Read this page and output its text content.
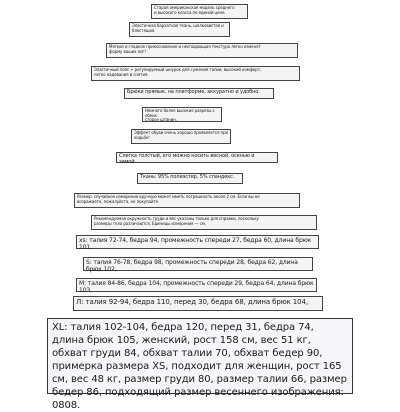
Старая американская модель среднего
и высокого класса по единой цене.
Эластичная бархатная ткань, шелковистая и
блестящая.
Мягкое и гладкое прикосновение и неспадающая текстура легко изменят
форму ваших ног!
Эластичный пояс + регулируемый шнурок для сужения талии, высокий комфорт,
легко надевания и снятия.
Брюки прямые, на платформе, аккуратно и удобно.
Немного более высокие разрезы с обеих
сторон штанин.
Эффект обуви очень хорошо проявляется при
ходьбе!
Слегка толстый, его можно носить весной, осенью и зимой....
Ткань: 95% полиэстер, 5% спандекс.
Размер: случайное измерение вручную может иметь погрешность около 2 см. Если вы не
возражаете, пожалуйста, не покупайте
Рекомендуемая окружность груди и вес указаны только для справки, поскольку
размеры тела различаются. Единицы измерения — см.
xs: талия 72-74, бедра 94, промежность спереди 27, бедра 60, длина брюк 101,
S: талия 76-78, бедра 98, промежность спереди 28, бедра 62, длина брюк 102,
М: талия 84-86, бедра 104, промежность спереди 29, бедра 64, длина брюк 103,
Л: талия 92-94, бедра 110, перед 30, бедра 68, длина брюк 104,
XL: талия 102-104, бедра 120, перед 31, бедра 74, длина брюк 105, женский, рост 158 см, вес 51 кг, обхват груди 84, обхват талии 70, обхват бедер 90, примерка размера XS, подходит для женщин, рост 165 см, вес 48 кг, размер груди 80, размер талии 66, размер бедер 86, подходящий размер весеннего изображения: 0808.
